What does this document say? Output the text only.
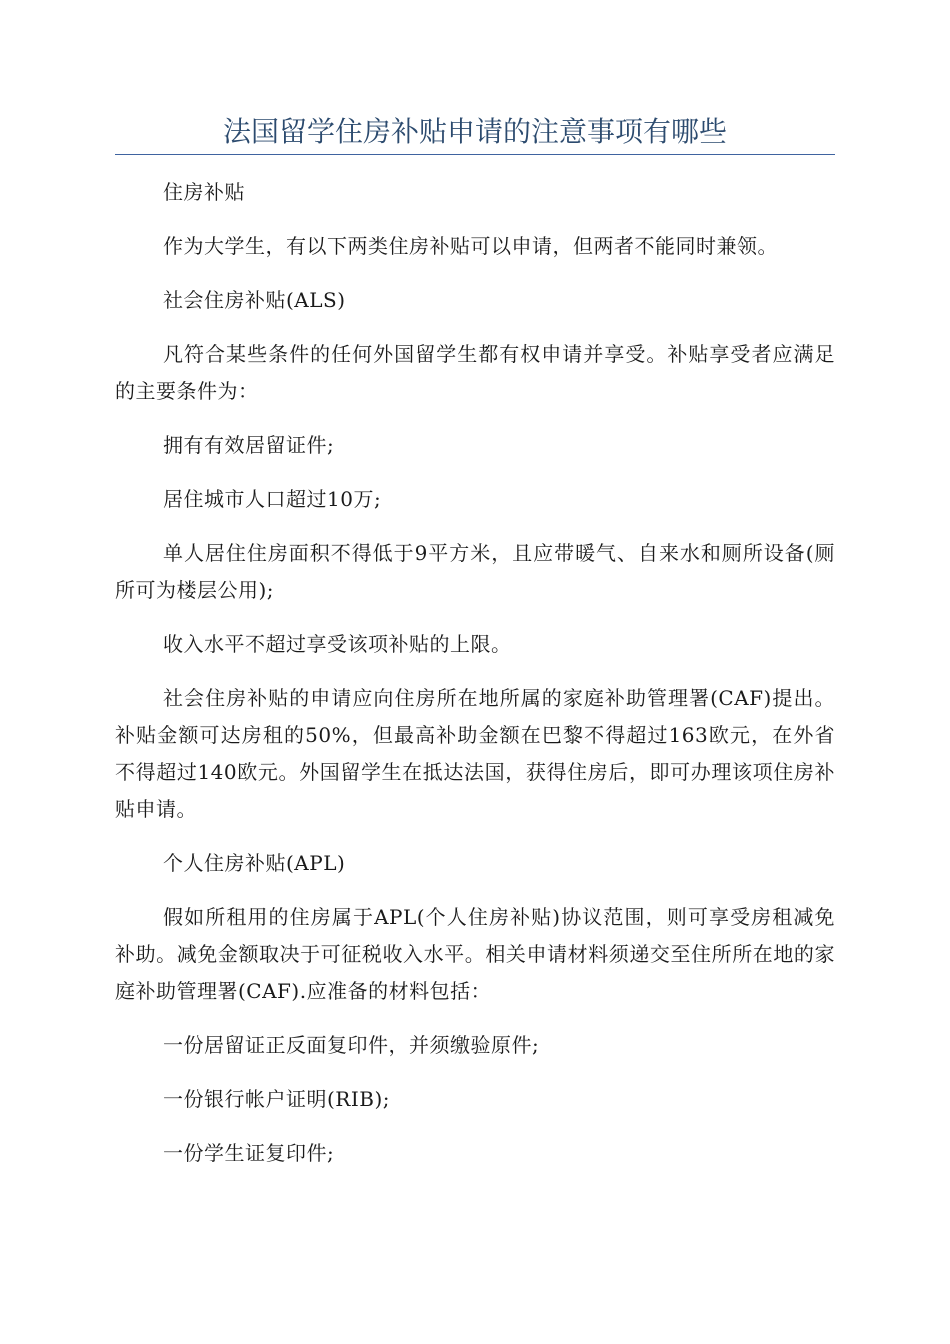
法国留学住房补贴申请的注意事项有哪些

住房补贴

作为大学生，有以下两类住房补贴可以申请，但两者不能同时兼领。

社会住房补贴(ALS)

凡符合某些条件的任何外国留学生都有权申请并享受。补贴享受者应满足的主要条件为：

拥有有效居留证件;

居住城市人口超过10万;

单人居住住房面积不得低于9平方米，且应带暖气、自来水和厕所设备(厕所可为楼层公用);

收入水平不超过享受该项补贴的上限。

社会住房补贴的申请应向住房所在地所属的家庭补助管理署(CAF)提出。补贴金额可达房租的50%，但最高补助金额在巴黎不得超过163欧元，在外省不得超过140欧元。外国留学生在抵达法国，获得住房后，即可办理该项住房补贴申请。

个人住房补贴(APL)

假如所租用的住房属于APL(个人住房补贴)协议范围，则可享受房租减免补助。减免金额取决于可征税收入水平。相关申请材料须递交至住所所在地的家庭补助管理署(CAF).应准备的材料包括：

一份居留证正反面复印件，并须缴验原件;

一份银行帐户证明(RIB);

一份学生证复印件;
